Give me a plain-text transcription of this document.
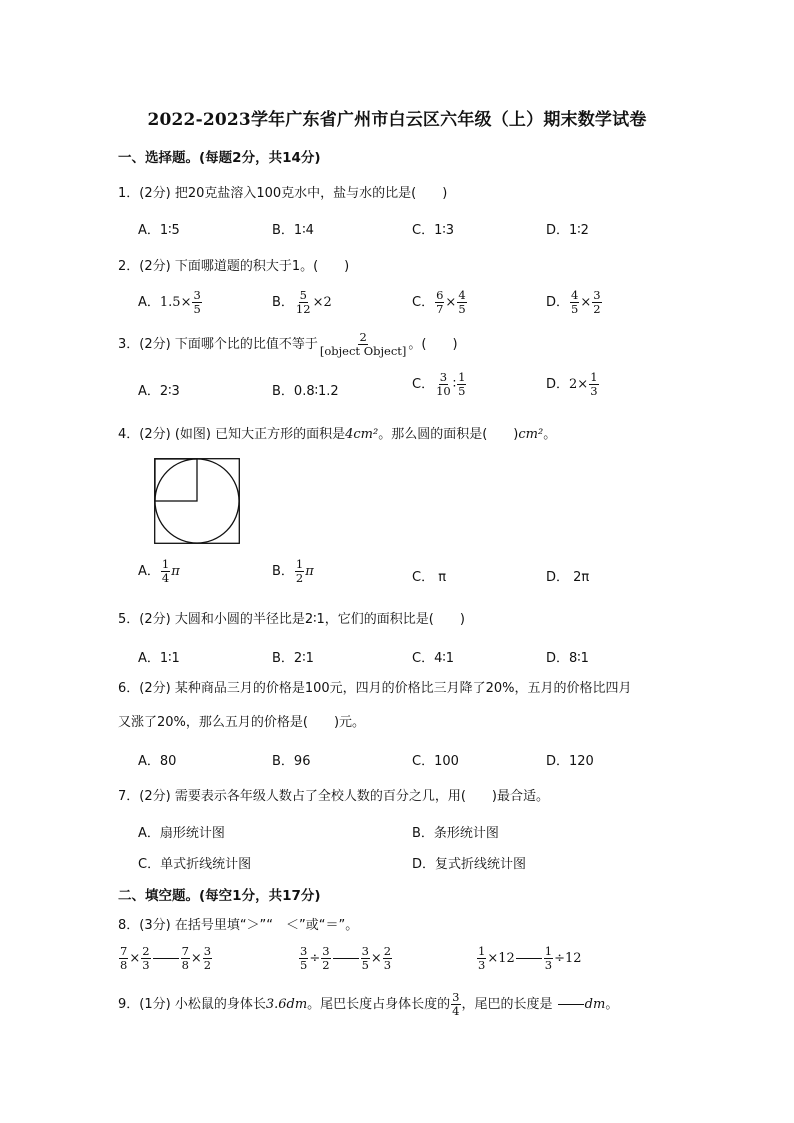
2022-2023学年广东省广州市白云区六年级（上）期末数学试卷
一、选择题。(每题2分，共14分)
1．(2分) 把20克盐溶入100克水中，盐与水的比是(　　)
A．1∶5	B．1∶4	C．1∶3	D．1∶2
2．(2分) 下面哪道题的积大于1。(　　)
A．$1.5\times \frac{3}{5}$	B． $\frac{5}{12} \times 2$	C． $\frac{6}{7} \times \frac{4}{5}$	D． $\frac{4}{5} \times \frac{3}{2}$
3．(2分) 下面哪个比的比值不等于 $\frac{2}{\text{[object Object]}}$ 。(　　)
A．2∶3	B．0.8∶1.2	C． $\frac{3}{10}$ ∶ $\frac{1}{5}$	D．$2\times \frac{1}{3}$
4．(2分) (如图) 已知大正方形的面积是4cm²。那么圆的面积是(　　)cm²。
A． $\frac{1}{4}$ π	B． $\frac{1}{2}$ π	C． π	D． 2π
5．(2分) 大圆和小圆的半径比是2∶1，它们的面积比是(　　)
A．1∶1	B．2∶1	C．4∶1	D．8∶1
6．(2分) 某种商品三月的价格是100元，四月的价格比三月降了20%，五月的价格比四月
又涨了20%，那么五月的价格是(　　)元。
A．80	B．96	C．100	D．120
7．(2分) 需要表示各年级人数占了全校人数的百分之几，用(　　)最合适。
A．扇形统计图	B．条形统计图
C．单式折线统计图	D．复式折线统计图
二、填空题。(每空1分，共17分)
8．(3分) 在括号里填“＞”“　＜”或“＝”。
$\frac{7}{8} \times \frac{2}{3}$	$\frac{7}{8} \times \frac{3}{2}$	$\frac{3}{5} \div \frac{3}{2}$	$\frac{3}{5} \times \frac{2}{3}$	$\frac{1}{3} \times 12$	$\frac{1}{3} \div 12$
9．(1分) 小松鼠的身体长3.6dm。尾巴长度占身体长度的 $\frac{3}{4}$ ，尾巴的长度是 dm。
